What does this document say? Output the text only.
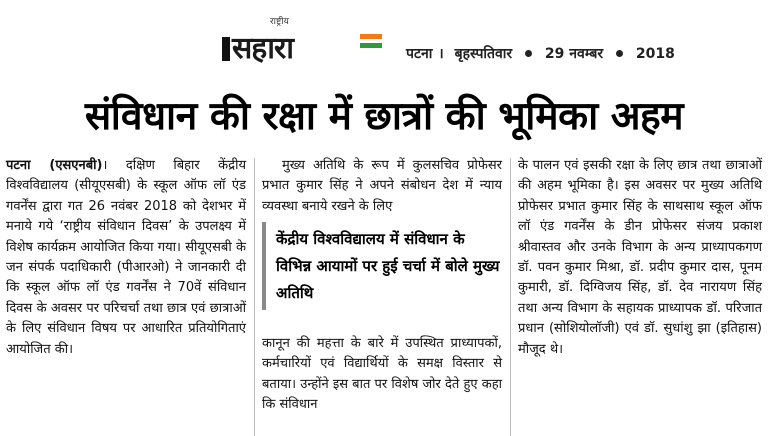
राष्ट्रीय
सहारा	पटना । बृहस्पतिवार 29 नवम्बर 2018
संविधान की रक्षा में छात्रों की भूमिका अहम
पटना (एसएनबी)। दक्षिण बिहार केंद्रीय विश्वविद्यालय (सीयूएसबी) के स्कूल ऑफ लॉ एंड गवर्नेंस द्वारा गत 26 नवंबर 2018 को देशभर में मनाये गये ‘राष्ट्रीय संविधान दिवस’ के उपलक्ष्य में विशेष कार्यक्रम आयोजित किया गया। सीयूएसबी के जन संपर्क पदाधिकारी (पीआरओ) ने जानकारी दी कि स्कूल ऑफ लॉ एंड गवर्नेंस ने 70वें संविधान दिवस के अवसर पर परिचर्चा तथा छात्र एवं छात्राओं के लिए संविधान विषय पर आधारित प्रतियोगिताएं आयोजित की।
मुख्य अतिथि के रूप में कुलसचिव प्रोफेसर प्रभात कुमार सिंह ने अपने संबोधन देश में न्याय व्यवस्था बनाये रखने के लिए
केंद्रीय विश्वविद्यालय में संविधान के विभिन्न आयामों पर हुई चर्चा में बोले मुख्य अतिथि
कानून की महत्ता के बारे में उपस्थित प्राध्यापकों, कर्मचारियों एवं विद्यार्थियों के समक्ष विस्तार से बताया। उन्होंने इस बात पर विशेष जोर देते हुए कहा कि संविधान
के पालन एवं इसकी रक्षा के लिए छात्र तथा छात्राओं की अहम भूमिका है। इस अवसर पर मुख्य अतिथि प्रोफेसर प्रभात कुमार सिंह के साथसाथ स्कूल ऑफ लॉ एंड गवर्नेंस के डीन प्रोफेसर संजय प्रकाश श्रीवास्तव और उनके विभाग के अन्य प्राध्यापकगण डॉ. पवन कुमार मिश्रा, डॉ. प्रदीप कुमार दास, पूनम कुमारी, डॉ. दिग्विजय सिंह, डॉ. देव नारायण सिंह तथा अन्य विभाग के सहायक प्राध्यापक डॉ. परिजात प्रधान (सोशियोलॉजी) एवं डॉ. सुधांशु झा (इतिहास) मौजूद थे।
